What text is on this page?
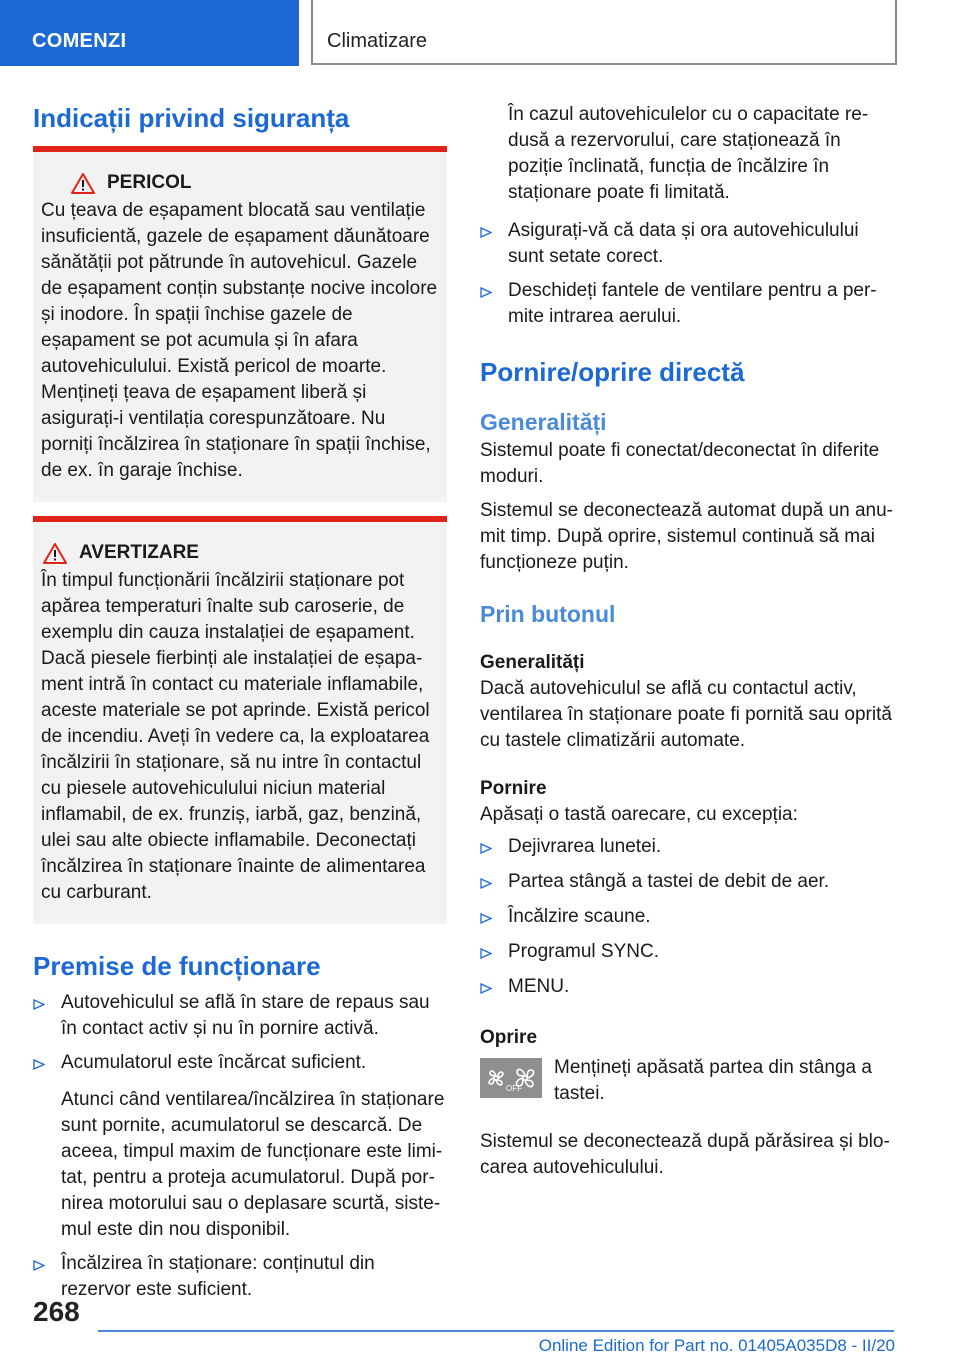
COMENZI	Climatizare
Indicații privind siguranța
PERICOL

Cu țeava de eșapament blocată sau ventilație insuficientă, gazele de eșapament dăunătoare sănătății pot pătrunde în autovehicul. Gazele de eșapament conțin substanțe nocive incolore și inodore. În spații închise gazele de eșapament se pot acumula și în afara autovehiculului. Există pericol de moarte. Mențineți țeava de eșapament liberă și asigurați-i ventilația corespunzătoare. Nu porniți încălzirea în staționare în spații închise, de ex. în garaje închise.

AVERTIZARE

În timpul funcționării încălzirii staționare pot apărea temperaturi înalte sub caroserie, de exemplu din cauza instalației de eșapament. Dacă piesele fierbinți ale instalației de eșapament intră în contact cu materiale inflamabile, aceste materiale se pot aprinde. Există pericol de incendiu. Aveți în vedere ca, la exploatarea încălzirii în staționare, să nu intre în contactul cu piesele autovehiculului niciun material inflamabil, de ex. frunziș, iarbă, gaz, benzină, ulei sau alte obiecte inflamabile. Deconectați încălzirea în staționare înainte de alimentarea cu carburant.

Premise de funcționare
Autovehiculul se află în stare de repaus sau în contact activ și nu în pornire activă.
Acumulatorul este încărcat suficient.
Atunci când ventilarea/încălzirea în staționare sunt pornite, acumulatorul se descarcă. De aceea, timpul maxim de funcționare este limitat, pentru a proteja acumulatorul. După pornirea motorului sau o deplasare scurtă, sistemul este din nou disponibil.
Încălzirea în staționare: conținutul din rezervor este suficient.
În cazul autovehiculelor cu o capacitate redusă a rezervorului, care staționează în poziție înclinată, funcția de încălzire în staționare poate fi limitată.
Asigurați-vă că data și ora autovehiculului sunt setate corect.
Deschideți fantele de ventilare pentru a permite intrarea aerului.
Pornire/oprire directă
Generalități

Sistemul poate fi conectat/deconectat în diferite moduri.

Sistemul se deconectează automat după un anumit timp. După oprire, sistemul continuă să mai funcționeze puțin.

Prin butonul
Generalități

Dacă autovehiculul se află cu contactul activ, ventilarea în staționare poate fi pornită sau oprită cu tastele climatizării automate.

Pornire

Apăsați o tastă oarecare, cu excepția:

Dejivrarea lunetei.
Partea stângă a tastei de debit de aer.
Încălzire scaune.
Programul SYNC.
MENU.
Oprire
OFF

Mențineți apăsată partea din stânga a tastei.

Sistemul se deconectează după părăsirea și blocarea autovehiculului.

268
Online Edition for Part no. 01405A035D8 - II/20
